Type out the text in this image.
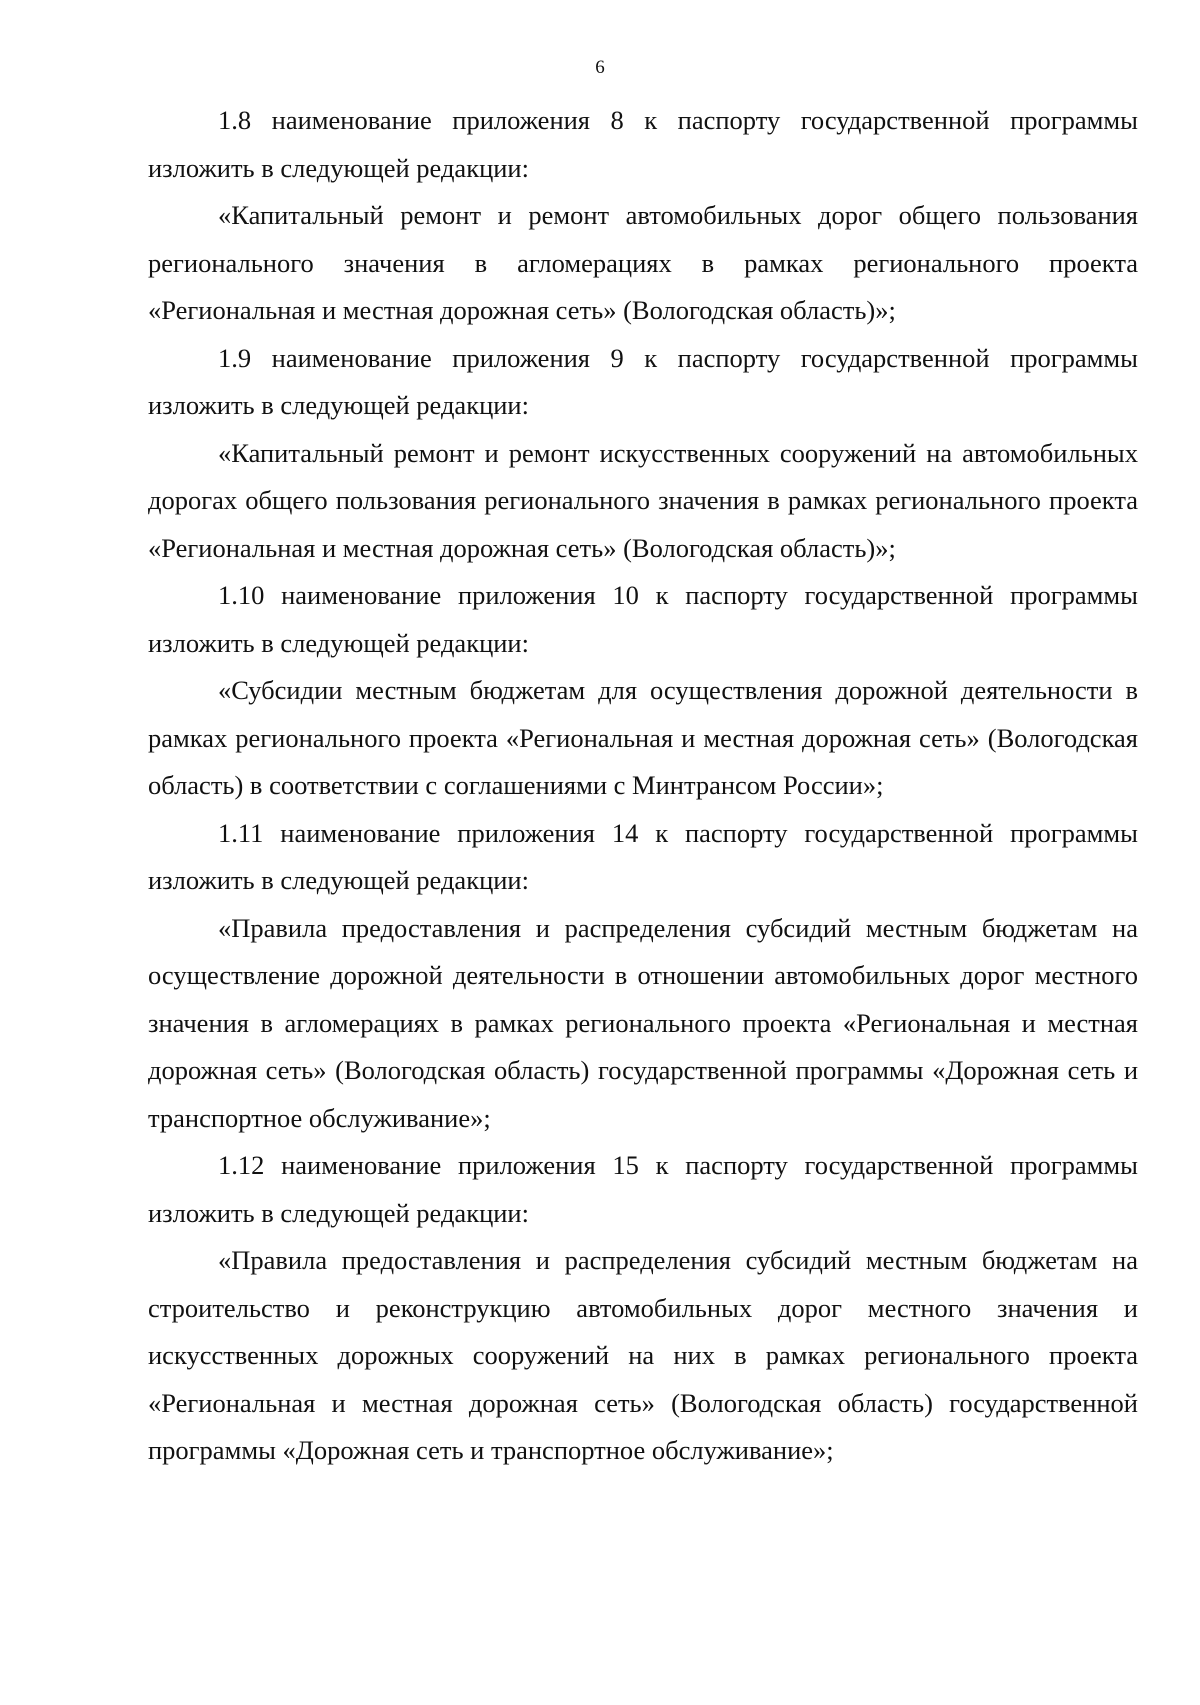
6

1.8 наименование приложения 8 к паспорту государственной программы изложить в следующей редакции:

«Капитальный ремонт и ремонт автомобильных дорог общего пользования регионального значения в агломерациях в рамках регионального проекта «Региональная и местная дорожная сеть» (Вологодская область)»;

1.9 наименование приложения 9 к паспорту государственной программы изложить в следующей редакции:

«Капитальный ремонт и ремонт искусственных сооружений на автомобильных дорогах общего пользования регионального значения в рамках регионального проекта «Региональная и местная дорожная сеть» (Вологодская область)»;

1.10 наименование приложения 10 к паспорту государственной программы изложить в следующей редакции:

«Субсидии местным бюджетам для осуществления дорожной деятельности в рамках регионального проекта «Региональная и местная дорожная сеть» (Вологодская область) в соответствии с соглашениями с Минтрансом России»;

1.11 наименование приложения 14 к паспорту государственной программы изложить в следующей редакции:

«Правила предоставления и распределения субсидий местным бюджетам на осуществление дорожной деятельности в отношении автомобильных дорог местного значения в агломерациях в рамках регионального проекта «Региональная и местная дорожная сеть» (Вологодская область) государственной программы «Дорожная сеть и транспортное обслуживание»;

1.12 наименование приложения 15 к паспорту государственной программы изложить в следующей редакции:

«Правила предоставления и распределения субсидий местным бюджетам на строительство и реконструкцию автомобильных дорог местного значения и искусственных дорожных сооружений на них в рамках регионального проекта «Региональная и местная дорожная сеть» (Вологодская область) государственной программы «Дорожная сеть и транспортное обслуживание»;
